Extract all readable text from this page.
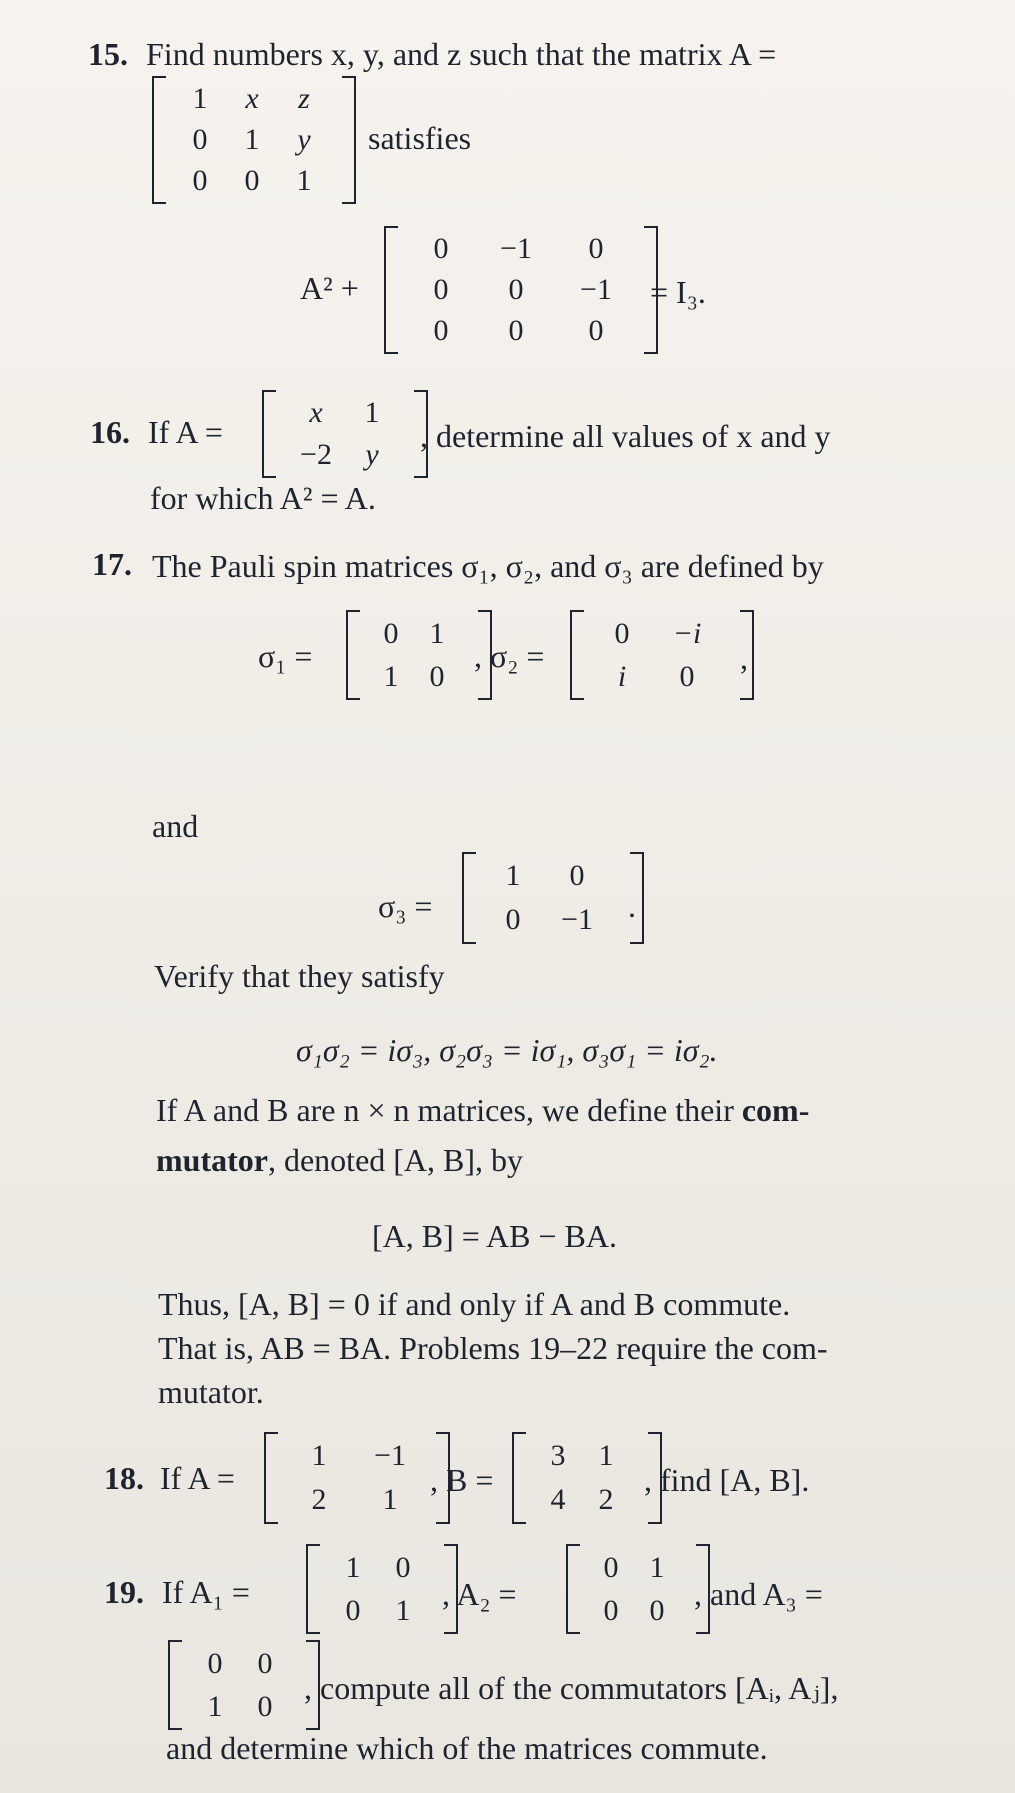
15. Find numbers x, y, and z such that the matrix A =
1 x z
0 1 y
0 0 1
satisfies
A² +
0 −1 0
0 0 −1
0 0 0
= I₃.
16. If A =
x 1
−2 y
, determine all values of x and y
for which A² = A.
17. The Pauli spin matrices σ₁, σ₂, and σ₃ are defined by
σ₁ =
0 1
1 0
, σ₂ =
0 −i
i 0 ,
and
σ₃ =
1 0
0 −1 .
Verify that they satisfy
σ₁σ₂ = iσ₃, σ₂σ₃ = iσ₁, σ₃σ₁ = iσ₂.
If A and B are n × n matrices, we define their com-
mutator, denoted [A, B], by
[A, B] = AB − BA.
Thus, [A, B] = 0 if and only if A and B commute.
That is, AB = BA. Problems 19–22 require the com-
mutator.
18. If A =
1 −1
2 1
, B =
3 1
4 2
, find [A, B].
19. If A₁ =
1 0
0 1 , A₂ =
0 1
0 0 , and A₃ =
0 0
1 0 , compute all of the commutators [Aᵢ, Aⱼ],
and determine which of the matrices commute.
